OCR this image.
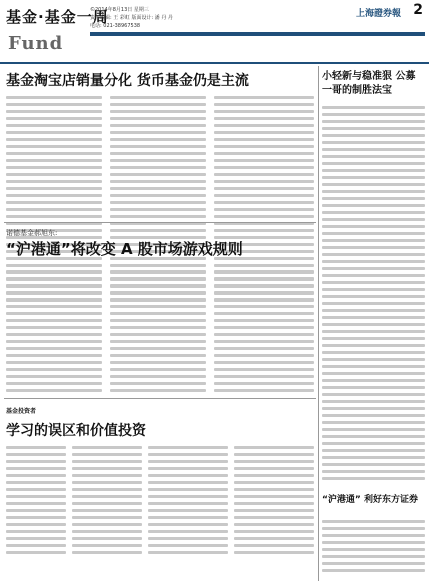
基金·基金一周
Fund
©2014年8月13日 星期三
责任编辑: 王 彩虹 版面设计: 潘 丹 丹
电话: 021-38967538
上海證券報 2
基金淘宝店销量分化 货币基金仍是主流	小轻新与稳准狠 公募一哥的制胜法宝
诺德基金郝旭东:
“沪港通”将改变 A 股市场游戏规则
基金投资者
学习的误区和价值投资
“沪港通” 利好东方证券
